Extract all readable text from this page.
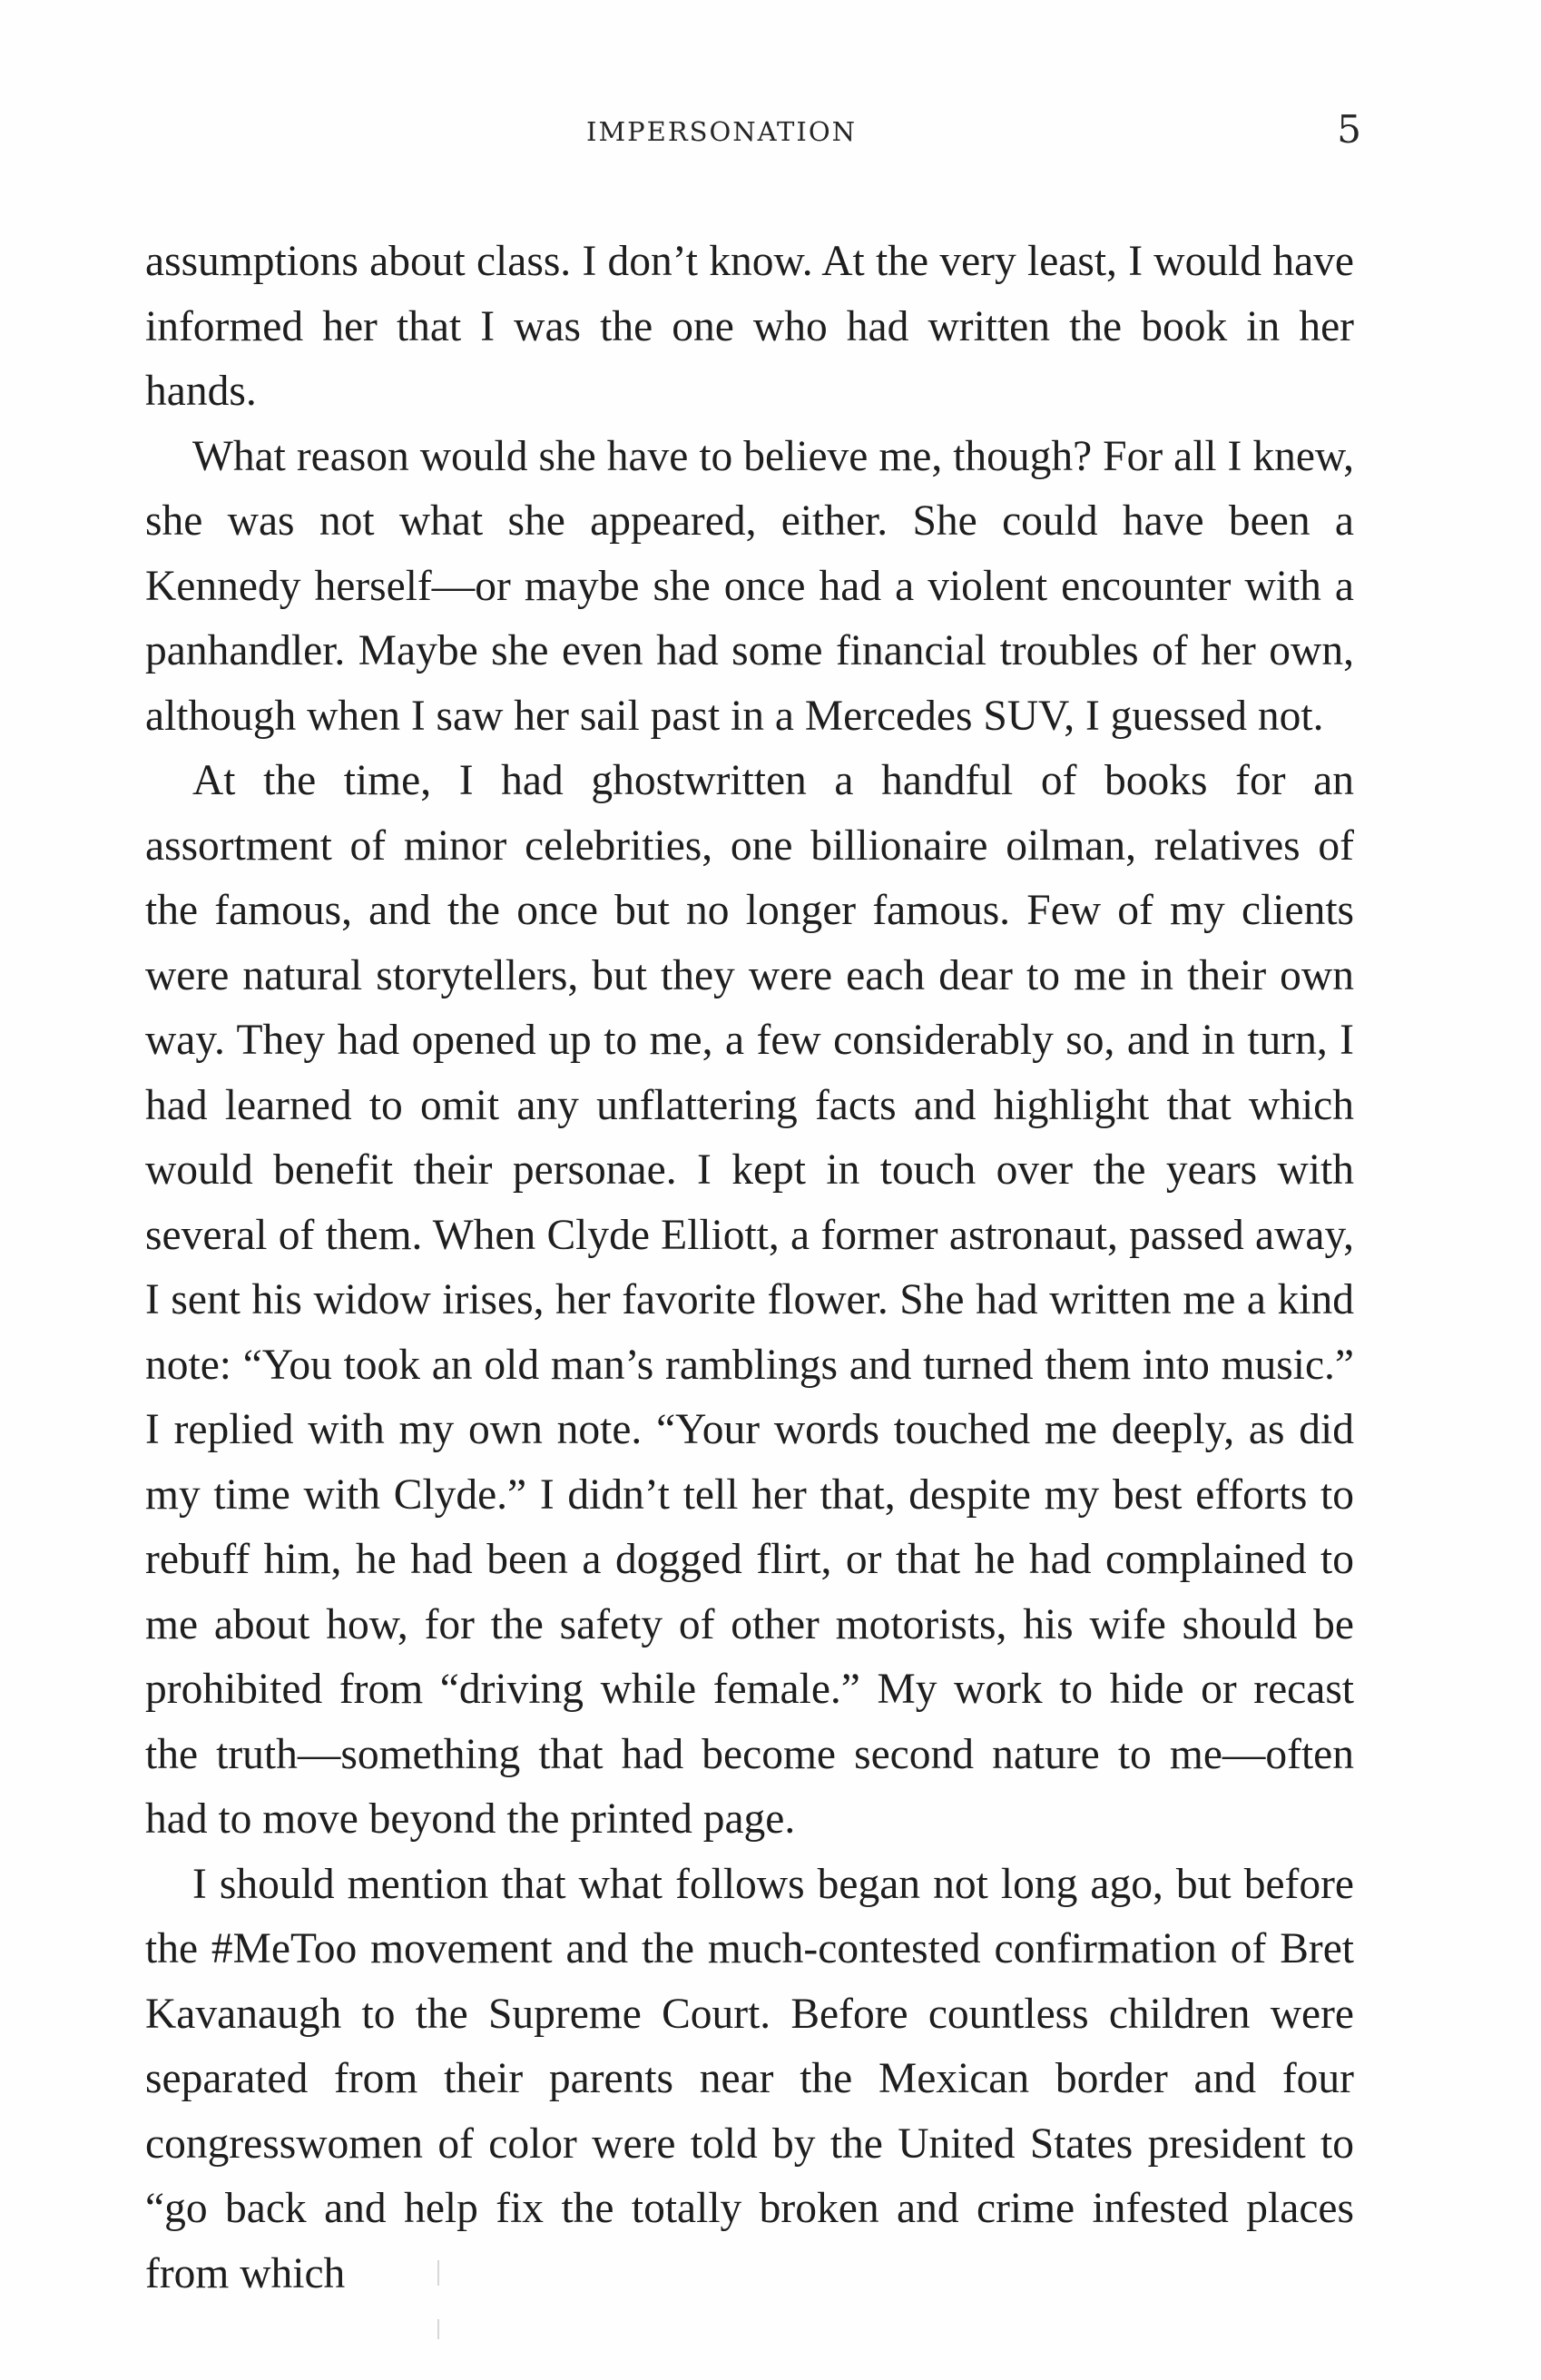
IMPERSONATION	5

assumptions about class. I don’t know. At the very least, I would have informed her that I was the one who had written the book in her hands.

What reason would she have to believe me, though? For all I knew, she was not what she appeared, either. She could have been a Kennedy herself—or maybe she once had a violent encounter with a panhandler. Maybe she even had some financial troubles of her own, although when I saw her sail past in a Mercedes SUV, I guessed not.

At the time, I had ghostwritten a handful of books for an assortment of minor celebrities, one billionaire oilman, relatives of the famous, and the once but no longer famous. Few of my clients were natural storytellers, but they were each dear to me in their own way. They had opened up to me, a few considerably so, and in turn, I had learned to omit any unflattering facts and highlight that which would benefit their personae. I kept in touch over the years with several of them. When Clyde Elliott, a former astronaut, passed away, I sent his widow irises, her favorite flower. She had written me a kind note: “You took an old man’s ramblings and turned them into music.” I replied with my own note. “Your words touched me deeply, as did my time with Clyde.” I didn’t tell her that, despite my best efforts to rebuff him, he had been a dogged flirt, or that he had complained to me about how, for the safety of other motorists, his wife should be prohibited from “driving while female.” My work to hide or recast the truth—something that had become second nature to me—often had to move beyond the printed page.

I should mention that what follows began not long ago, but before the #MeToo movement and the much-contested confirmation of Bret Kavanaugh to the Supreme Court. Before countless children were separated from their parents near the Mexican border and four congresswomen of color were told by the United States president to “go back and help fix the totally broken and crime infested places from which
